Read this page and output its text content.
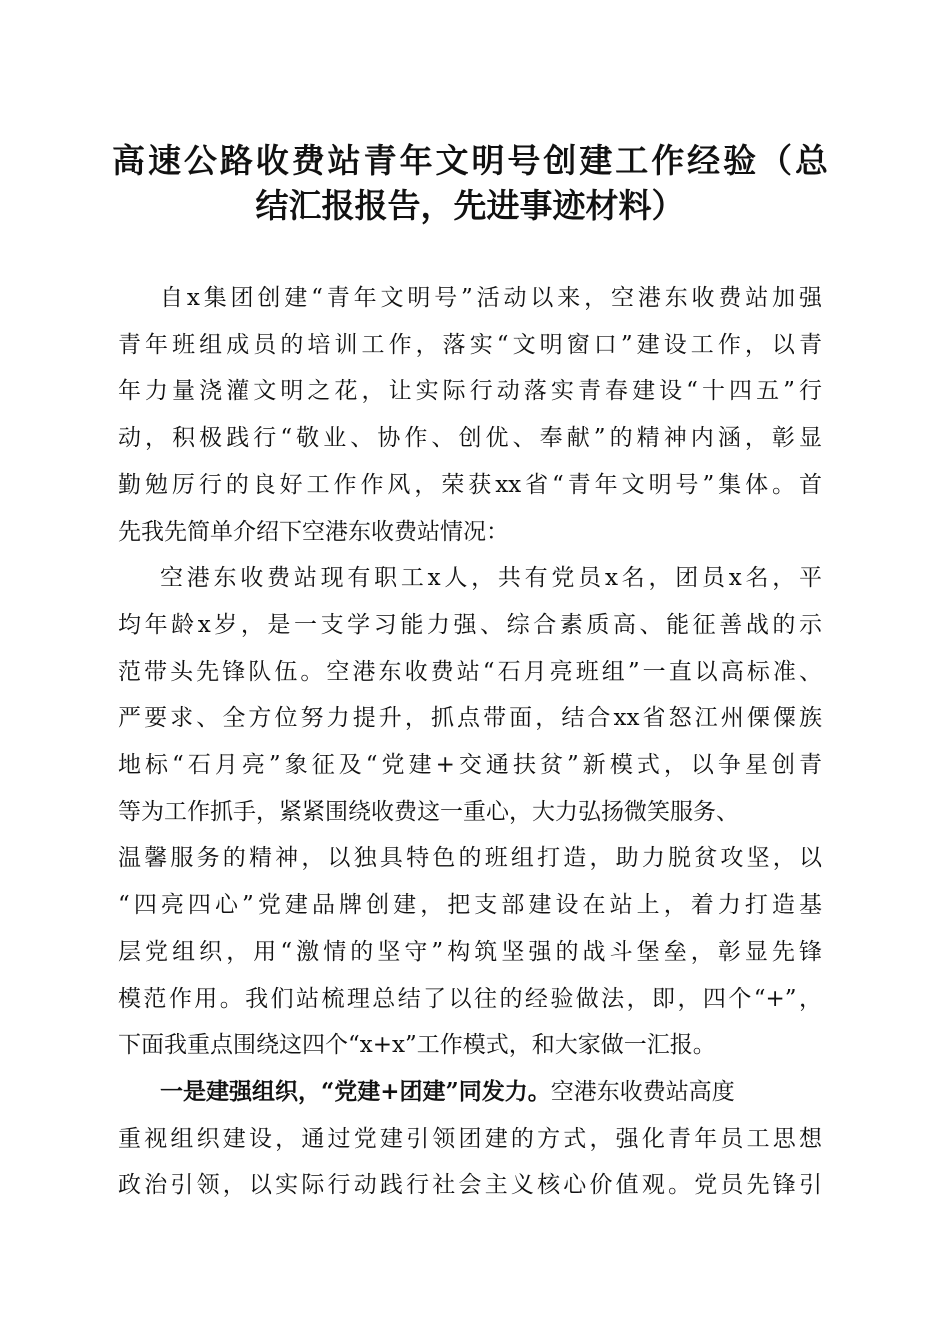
高速公路收费站青年文明号创建工作经验（总
结汇报报告，先进事迹材料）
自x集团创建“青年文明号”活动以来，空港东收费站加强
青年班组成员的培训工作，落实“文明窗口”建设工作，以青
年力量浇灌文明之花，让实际行动落实青春建设“十四五”行
动，积极践行“敬业、协作、创优、奉献”的精神内涵，彰显
勤勉厉行的良好工作作风，荣获xx省“青年文明号”集体。首
先我先简单介绍下空港东收费站情况：
空港东收费站现有职工x人，共有党员x名，团员x名，平
均年龄x岁，是一支学习能力强、综合素质高、能征善战的示
范带头先锋队伍。空港东收费站“石月亮班组”一直以高标准、
严要求、全方位努力提升，抓点带面，结合xx省怒江州傈僳族
地标“石月亮”象征及“党建+交通扶贫”新模式，以争星创青
等为工作抓手，紧紧围绕收费这一重心，大力弘扬微笑服务、
温馨服务的精神，以独具特色的班组打造，助力脱贫攻坚，以
“四亮四心”党建品牌创建，把支部建设在站上，着力打造基
层党组织，用“激情的坚守”构筑坚强的战斗堡垒，彰显先锋
模范作用。我们站梳理总结了以往的经验做法，即，四个“+”，
下面我重点围绕这四个“x+x”工作模式，和大家做一汇报。
一是建强组织，“党建+团建”同发力。空港东收费站高度
重视组织建设，通过党建引领团建的方式，强化青年员工思想
政治引领，以实际行动践行社会主义核心价值观。党员先锋引
